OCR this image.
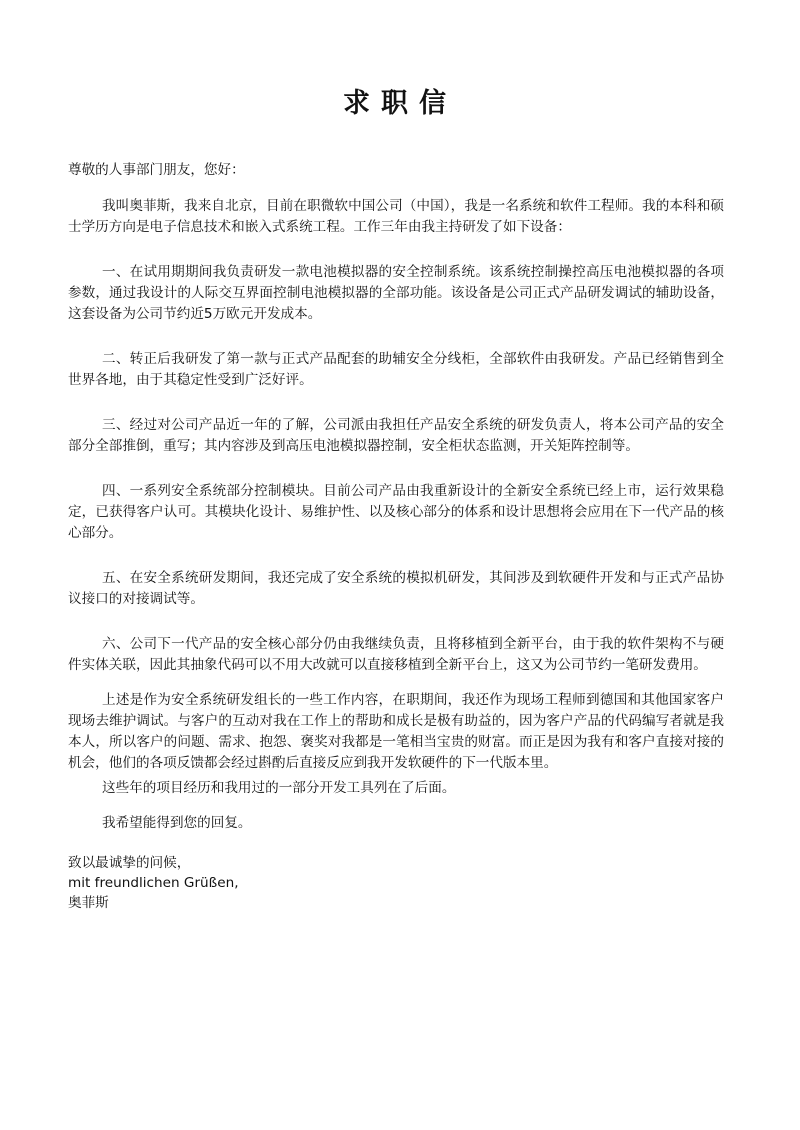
求职信

尊敬的人事部门朋友，您好：

我叫奥菲斯，我来自北京，目前在职微软中国公司（中国），我是一名系统和软件工程师。我的本科和硕士学历方向是电子信息技术和嵌入式系统工程。工作三年由我主持研发了如下设备：

一、在试用期期间我负责研发一款电池模拟器的安全控制系统。该系统控制操控高压电池模拟器的各项参数，通过我设计的人际交互界面控制电池模拟器的全部功能。该设备是公司正式产品研发调试的辅助设备，这套设备为公司节约近5万欧元开发成本。

二、转正后我研发了第一款与正式产品配套的助辅安全分线柜，全部软件由我研发。产品已经销售到全世界各地，由于其稳定性受到广泛好评。

三、经过对公司产品近一年的了解，公司派由我担任产品安全系统的研发负责人，将本公司产品的安全部分全部推倒，重写；其内容涉及到高压电池模拟器控制，安全柜状态监测，开关矩阵控制等。

四、一系列安全系统部分控制模块。目前公司产品由我重新设计的全新安全系统已经上市，运行效果稳定，已获得客户认可。其模块化设计、易维护性、以及核心部分的体系和设计思想将会应用在下一代产品的核心部分。

五、在安全系统研发期间，我还完成了安全系统的模拟机研发，其间涉及到软硬件开发和与正式产品协议接口的对接调试等。

六、公司下一代产品的安全核心部分仍由我继续负责，且将移植到全新平台，由于我的软件架构不与硬件实体关联，因此其抽象代码可以不用大改就可以直接移植到全新平台上，这又为公司节约一笔研发费用。

上述是作为安全系统研发组长的一些工作内容，在职期间，我还作为现场工程师到德国和其他国家客户现场去维护调试。与客户的互动对我在工作上的帮助和成长是极有助益的，因为客户产品的代码编写者就是我本人，所以客户的问题、需求、抱怨、褒奖对我都是一笔相当宝贵的财富。而正是因为我有和客户直接对接的机会，他们的各项反馈都会经过斟酌后直接反应到我开发软硬件的下一代版本里。

这些年的项目经历和我用过的一部分开发工具列在了后面。

我希望能得到您的回复。

致以最诚挚的问候，

mit freundlichen Grüßen,

奥菲斯
